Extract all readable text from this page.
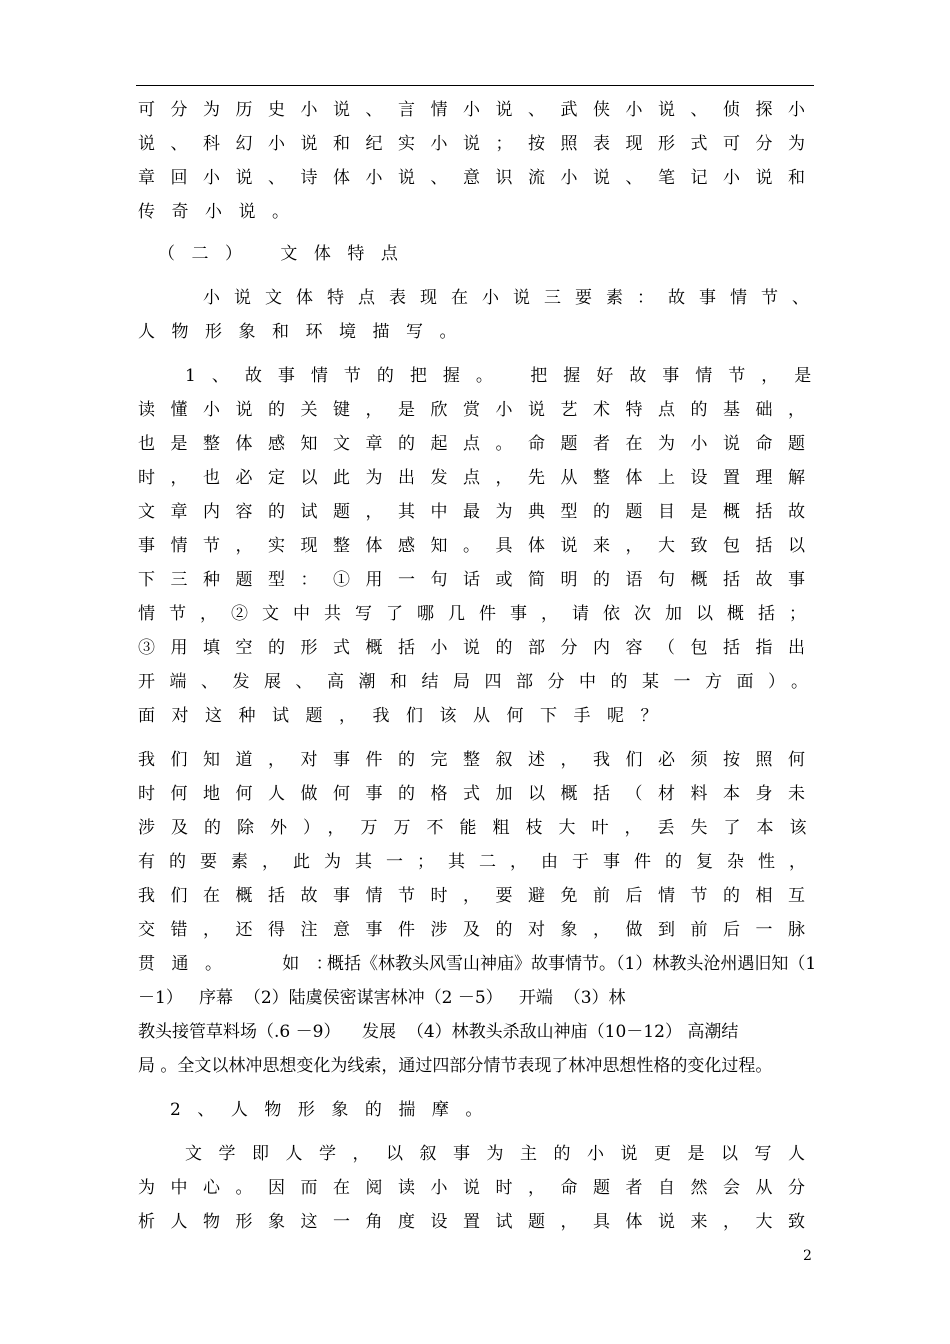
可分为历史小说、言情小说、武侠小说、侦探小
说、科幻小说和纪实小说；按照表现形式可分为
章回小说、诗体小说、意识流小说、笔记小说和
传奇小说。
（二） 文体特点
小说文体特点表现在小说三要素：故事情节、
人物形象和环境描写。
1、故事情节的把握。 把握好故事情节，是
读懂小说的关键，是欣赏小说艺术特点的基础，
也是整体感知文章的起点。命题者在为小说命题
时，也必定以此为出发点，先从整体上设置理解
文章内容的试题，其中最为典型的题目是概括故
事情节，实现整体感知。具体说来，大致包括以
下三种题型：①用一句话或简明的语句概括故事
情节，②文中共写了哪几件事，请依次加以概括；
③用填空的形式概括小说的部分内容（包括指出
开端、发展、高潮和结局四部分中的某一方面）。
面对这种试题，我们该从何下手呢？
我们知道，对事件的完整叙述，我们必须按照何
时何地何人做何事的格式加以概括（材料本身未
涉及的除外），万万不能粗枝大叶，丢失了本该
有的要素，此为其一；其二，由于事件的复杂性，
我们在概括故事情节时，要避免前后情节的相互
交错，还得注意事件涉及的对象，做到前后一脉
贯通。  如：
概括《林教头风雪山神庙》故事情节。（1）林教头沧州遇旧知（1
－1）   序幕  （2）陆虞侯密谋害林冲（2 －5）   开端  （3）林
教头接管草料场（.6 －9）    发展  （4）林教头杀敌山神庙（10－12） 高潮结
局 。全文以林冲思想变化为线索，通过四部分情节表现了林冲思想性格的变化过程。
2、人物形象的揣摩。
文学即人学，以叙事为主的小说更是以写人
为中心。因而在阅读小说时，命题者自然会从分
析人物形象这一角度设置试题，具体说来，大致
2
